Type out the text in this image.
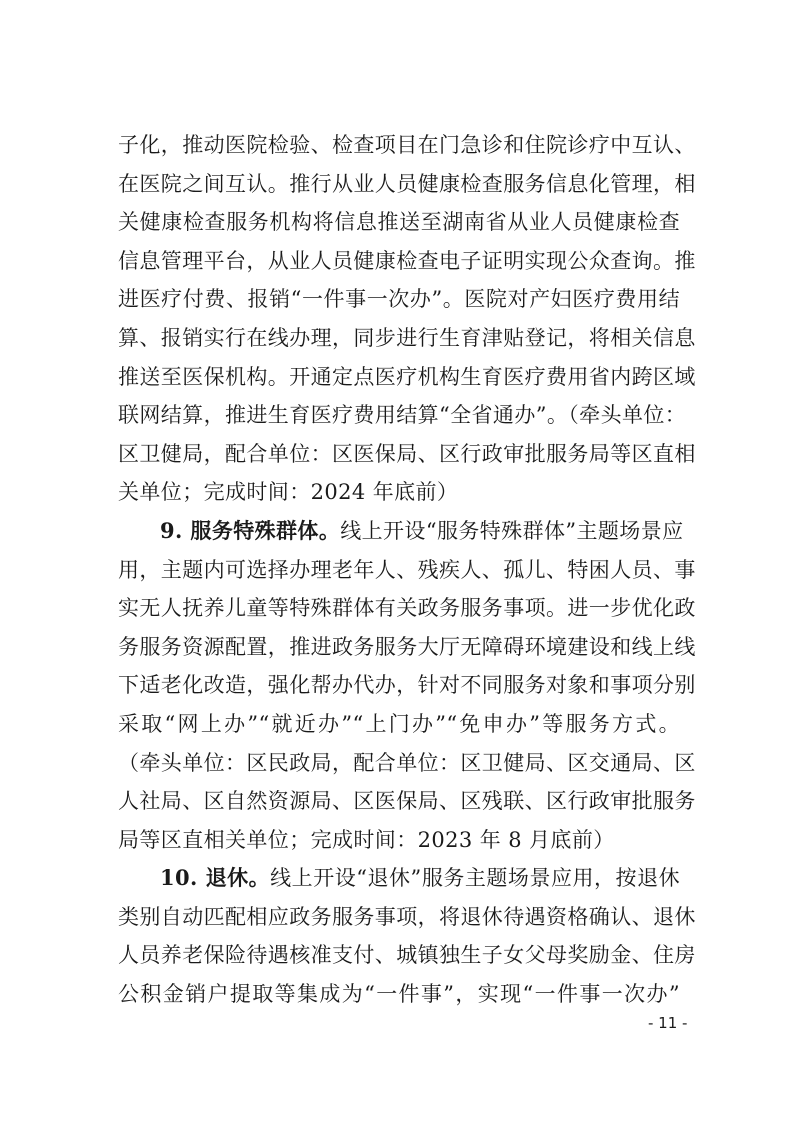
子化，推动医院检验、检查项目在门急诊和住院诊疗中互认、
在医院之间互认。推行从业人员健康检查服务信息化管理，相
关健康检查服务机构将信息推送至湖南省从业人员健康检查
信息管理平台，从业人员健康检查电子证明实现公众查询。推
进医疗付费、报销“一件事一次办”。医院对产妇医疗费用结
算、报销实行在线办理，同步进行生育津贴登记，将相关信息
推送至医保机构。开通定点医疗机构生育医疗费用省内跨区域
联网结算，推进生育医疗费用结算“全省通办”。（牵头单位：
区卫健局，配合单位：区医保局、区行政审批服务局等区直相
关单位；完成时间：2024 年底前）
9. 服务特殊群体。线上开设“服务特殊群体”主题场景应
用，主题内可选择办理老年人、残疾人、孤儿、特困人员、事
实无人抚养儿童等特殊群体有关政务服务事项。进一步优化政
务服务资源配置，推进政务服务大厅无障碍环境建设和线上线
下适老化改造，强化帮办代办，针对不同服务对象和事项分别
采取“网上办”“就近办”“上门办”“免申办”等服务方式。
（牵头单位：区民政局，配合单位：区卫健局、区交通局、区
人社局、区自然资源局、区医保局、区残联、区行政审批服务
局等区直相关单位；完成时间：2023 年 8 月底前）
10. 退休。线上开设“退休”服务主题场景应用，按退休
类别自动匹配相应政务服务事项，将退休待遇资格确认、退休
人员养老保险待遇核准支付、城镇独生子女父母奖励金、住房
公积金销户提取等集成为“一件事”，实现“一件事一次办”
- 11 -
